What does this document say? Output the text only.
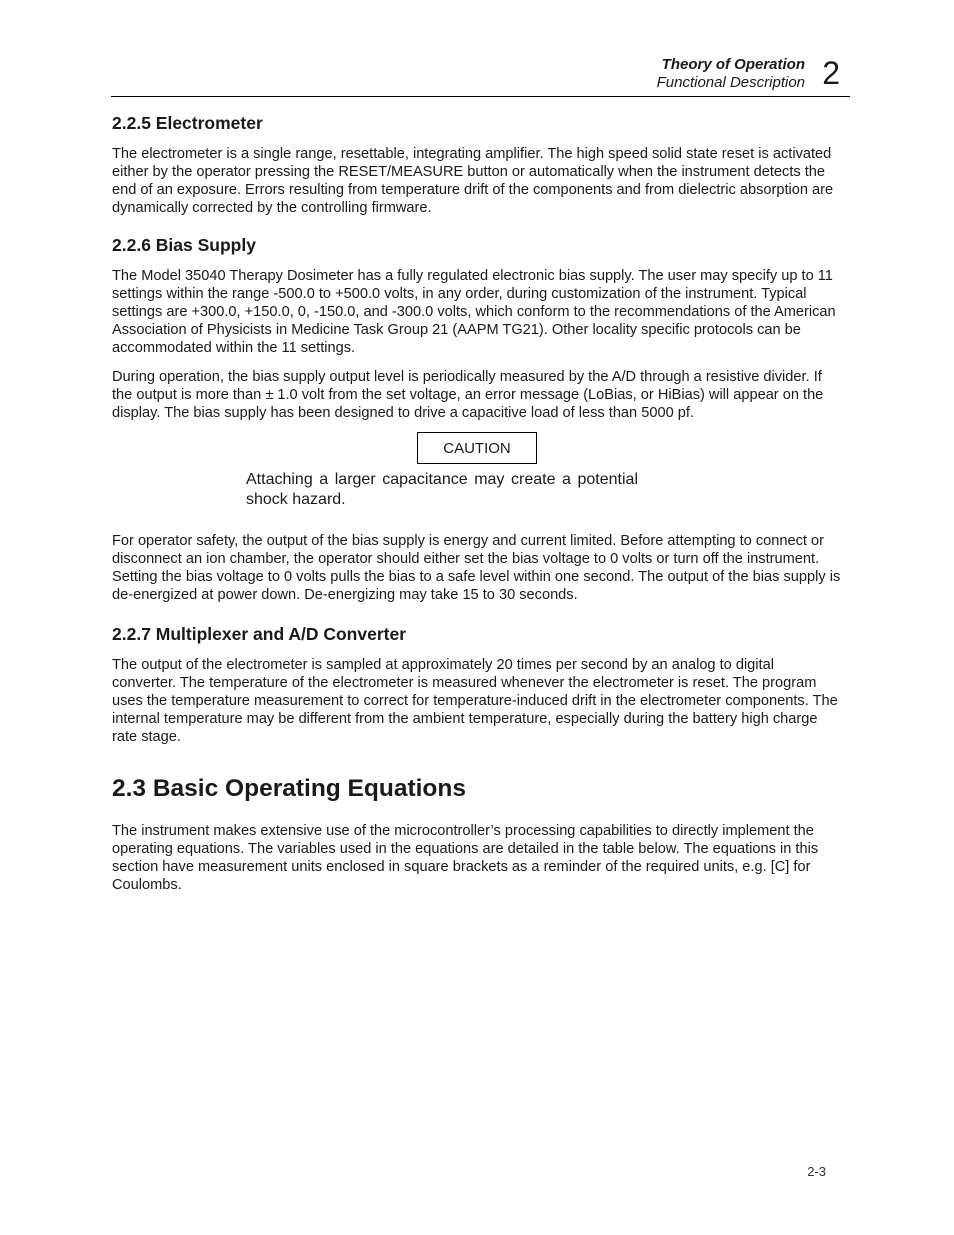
Theory of Operation
Functional Description 2
2.2.5 Electrometer

The electrometer is a single range, resettable, integrating amplifier. The high speed solid state reset is activated either by the operator pressing the RESET/MEASURE button or automatically when the instrument detects the end of an exposure. Errors resulting from temperature drift of the components and from dielectric absorption are dynamically corrected by the controlling firmware.

2.2.6 Bias Supply

The Model 35040 Therapy Dosimeter has a fully regulated electronic bias supply. The user may specify up to 11 settings within the range -500.0 to +500.0 volts, in any order, during customization of the instrument. Typical settings are +300.0, +150.0, 0, -150.0, and -300.0 volts, which conform to the recommendations of the American Association of Physicists in Medicine Task Group 21 (AAPM TG21). Other locality specific protocols can be accommodated within the 11 settings.

During operation, the bias supply output level is periodically measured by the A/D through a resistive divider. If the output is more than ± 1.0 volt from the set voltage, an error message (LoBias, or HiBias) will appear on the display. The bias supply has been designed to drive a capacitive load of less than 5000 pf.

CAUTION

Attaching a larger capacitance may create a potential shock hazard.

For operator safety, the output of the bias supply is energy and current limited. Before attempting to connect or disconnect an ion chamber, the operator should either set the bias voltage to 0 volts or turn off the instrument. Setting the bias voltage to 0 volts pulls the bias to a safe level within one second. The output of the bias supply is de-energized at power down. De-energizing may take 15 to 30 seconds.

2.2.7 Multiplexer and A/D Converter

The output of the electrometer is sampled at approximately 20 times per second by an analog to digital converter. The temperature of the electrometer is measured whenever the electrometer is reset. The program uses the temperature measurement to correct for temperature-induced drift in the electrometer components. The internal temperature may be different from the ambient temperature, especially during the battery high charge rate stage.

2.3 Basic Operating Equations

The instrument makes extensive use of the microcontroller’s processing capabilities to directly implement the operating equations. The variables used in the equations are detailed in the table below. The equations in this section have measurement units enclosed in square brackets as a reminder of the required units, e.g. [C] for Coulombs.

2-3
